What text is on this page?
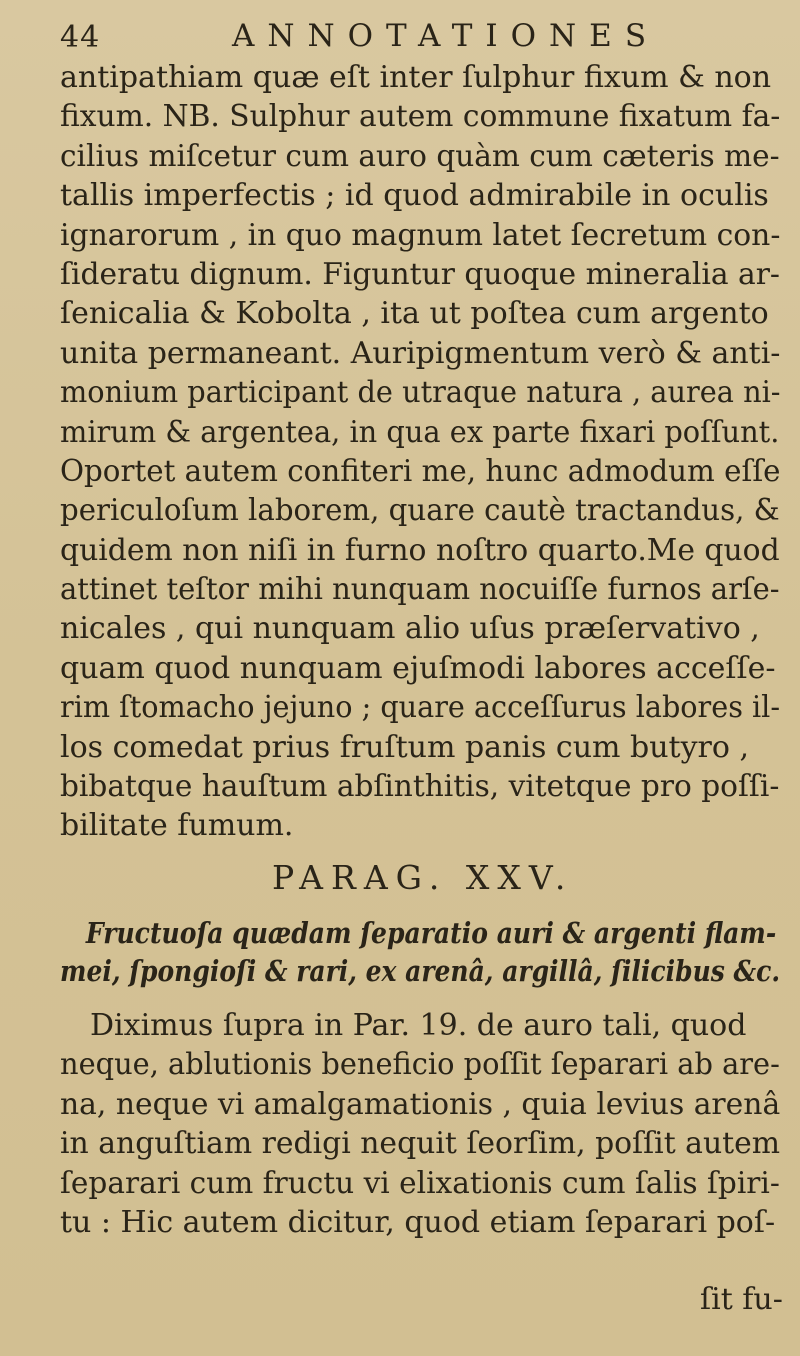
44	ANNOTATIONES
antipathiam quæ eſt inter ſulphur fixum & non
fixum. NB. Sulphur autem commune fixatum fa-
cilius miſcetur cum auro quàm cum cæteris me-
tallis imperfectis ; id quod admirabile in oculis
ignarorum , in quo magnum latet ſecretum con-
ſideratu dignum. Figuntur quoque mineralia ar-
ſenicalia & Kobolta , ita ut poſtea cum argento
unita permaneant. Auripigmentum verò & anti-
monium participant de utraque natura , aurea ni-
mirum & argentea, in qua ex parte fixari poſſunt.
Oportet autem confiteri me, hunc admodum eſſe
periculoſum laborem, quare cautè tractandus, &
quidem non niſi in furno noſtro quarto.Me quod
attinet teſtor mihi nunquam nocuiſſe furnos arſe-
nicales , qui nunquam alio uſus præſervativo ,
quam quod nunquam ejuſmodi labores acceſſe-
rim ſtomacho jejuno ; quare acceſſurus labores il-
los comedat prius fruſtum panis cum butyro ,
bibatque hauſtum abſinthitis, vitetque pro poſſi-
bilitate fumum.
PARAG. XXV.
Fructuoſa quædam ſeparatio auri & argenti flam-
mei, ſpongioſi & rari, ex arenâ, argillâ, ſilicibus &c.
Diximus ſupra in Par. 19. de auro tali, quod
neque, ablutionis beneficio poſſit ſeparari ab are-
na, neque vi amalgamationis , quia levius arenâ
in anguſtiam redigi nequit ſeorſim, poſſit autem
ſeparari cum fructu vi elixationis cum ſalis ſpiri-
tu : Hic autem dicitur, quod etiam ſeparari poſ-
ſit fu-
